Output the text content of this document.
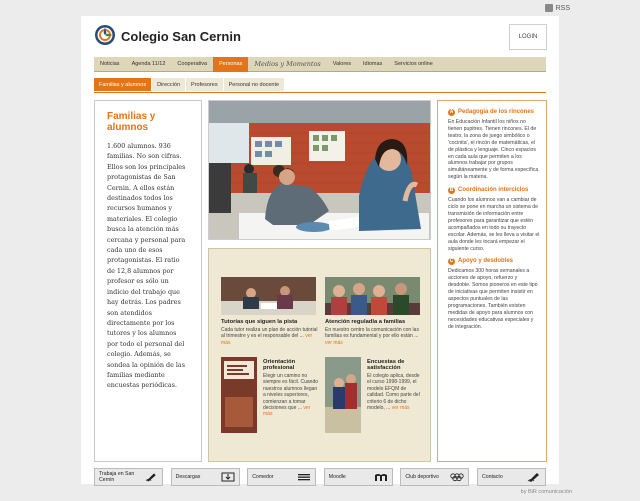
RSS
Colegio San Cernin	LOGIN
Noticias	Agenda 11/12	Cooperativa	Personas	Medios y Momentos	Valores	Idiomas	Servicios online
Familias y alumnos	Dirección	Profesores	Personal no docente
Familias y alumnos
1.600 alumnos. 936 familias. No son cifras. Ellos son los principales protagonistas de San Cernin. A ellos están destinados todos los recursos humanos y materiales. El colegio busca la atención más cercana y personal para cada uno de esos protagonistas. El ratio de 12,8 alumnos por profesor es sólo un indicio del trabajo que hay detrás. Los padres son atendidos directamente por los tutores y los alumnos por todo el personal del colegio. Además, se sondea la opinión de las familias mediante encuestas periódicas.
Tutorías que siguen la pista
Cada tutor realiza un plan de acción tutorial al trimestre y es el responsable del ... ver más
Atención reguladla a familias
En nuestro centro la comunicación con las familias es fundamental y por ello están ... ver más
Orientación profesional
Elegir un camino no siempre es fácil. Cuando nuestros alumnos llegan a niveles superiores, comienzan a tomar decisiones que ... ver más
Encuestas de satisfacción
El colegio aplica, desde el curso 1998-1999, el modelo EFQM de calidad. Como parte del criterio 6 de dicho modelo, ... ver más
A Pedagogía de los rincones
En Educación Infantil los niños no tienen pupitres. Tienen rincones. El de teatro, la zona de juego simbólico o 'cocinita', el rincón de matemáticas, el de plástica y lenguaje. Cinco espacios en cada aula que permiten a los alumnos trabajar por grupos simultáneamente y de forma específica según la materia.
B Coordinación interciclos
Cuando los alumnos van a cambiar de ciclo se pone en marcha un sistema de transmisión de información entre profesores para garantizar que estén acompañados en todo su trayecto escolar. Además, se les lleva a visitar el aula donde les tocará empezar el siguiente curso.
C Apoyo y desdobles
Dedicamos 300 horas semanales a acciones de apoyo, refuerzo y desdoble. Somos pioneros en este tipo de iniciativas que permiten insistir en aspectos puntuales de las programaciones. También existen medidas de apoyo para alumnos con necesidades educativas especiales y de integración.
Trabaja en San Cernin	Descargas	Comedor	Moodle	Club deportivo	Contacto
by BiR comunicación
